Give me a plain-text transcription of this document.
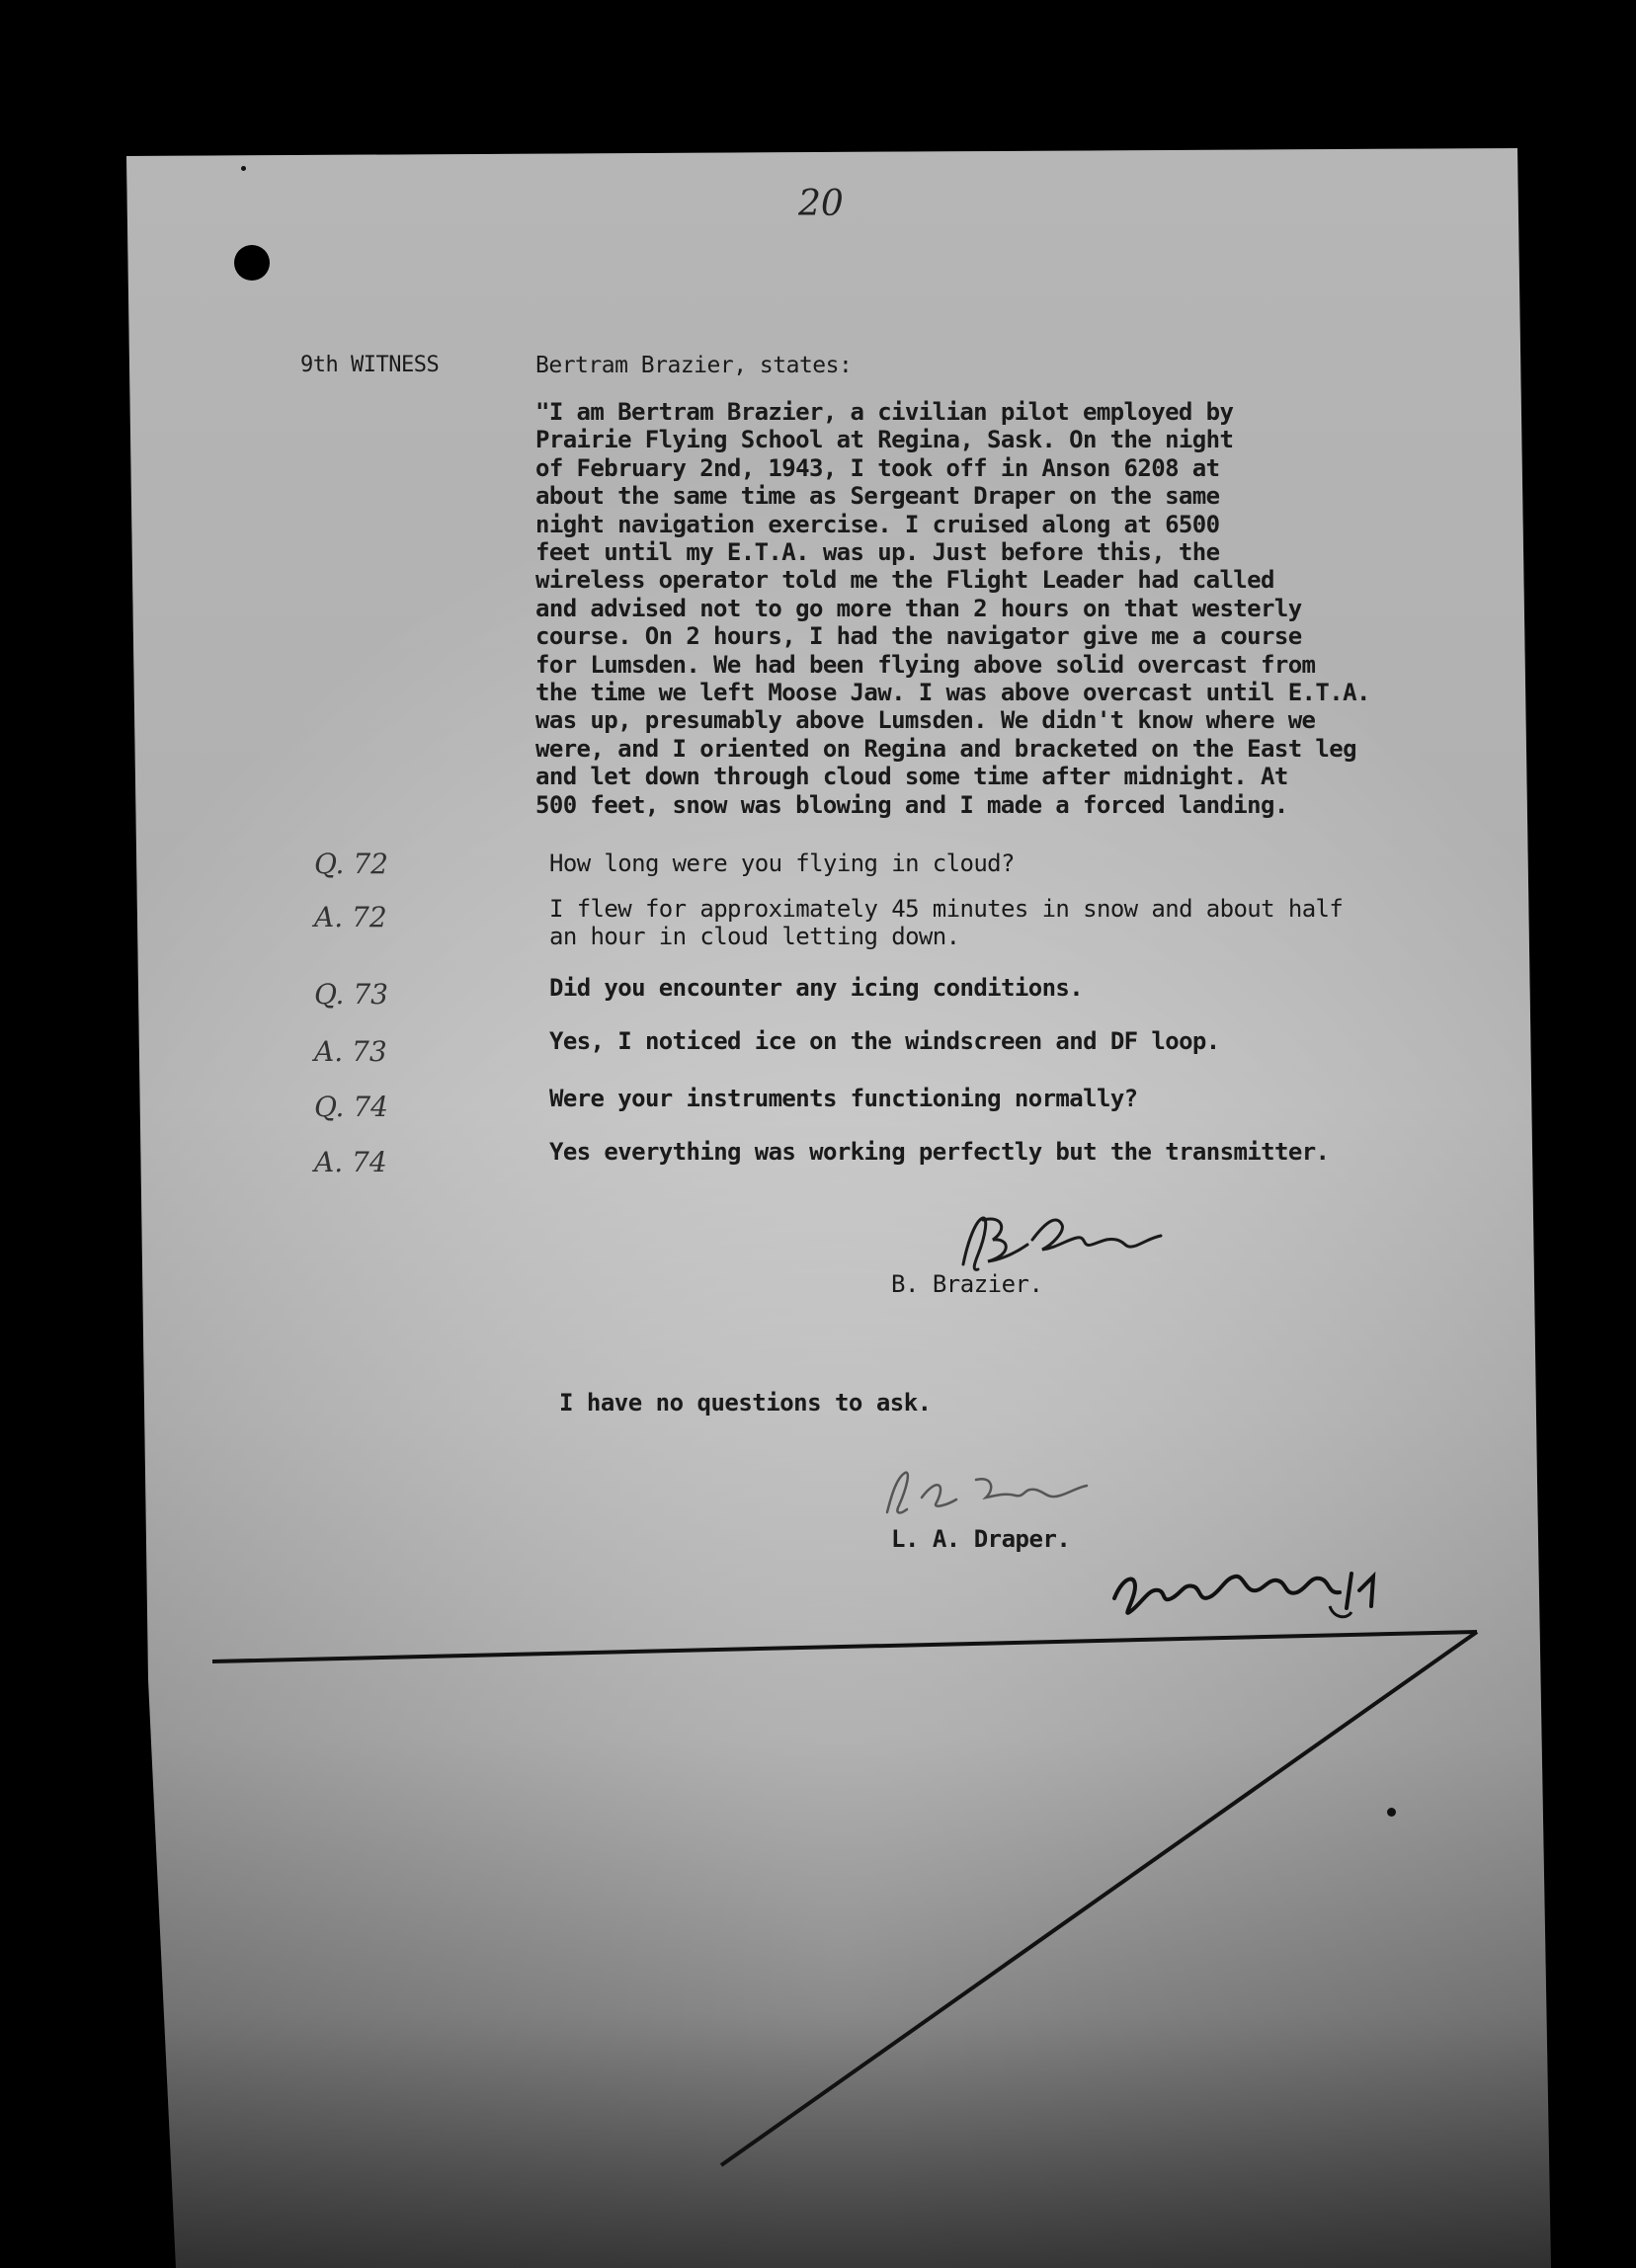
20
9th WITNESS	Bertram Brazier, states:
"I am Bertram Brazier, a civilian pilot employed by
Prairie Flying School at Regina, Sask. On the night
of February 2nd, 1943, I took off in Anson 6208 at
about the same time as Sergeant Draper on the same
night navigation exercise. I cruised along at 6500
feet until my E.T.A. was up. Just before this, the
wireless operator told me the Flight Leader had called
and advised not to go more than 2 hours on that westerly
course. On 2 hours, I had the navigator give me a course
for Lumsden. We had been flying above solid overcast from
the time we left Moose Jaw. I was above overcast until E.T.A.
was up, presumably above Lumsden. We didn't know where we
were, and I oriented on Regina and bracketed on the East leg
and let down through cloud some time after midnight. At
500 feet, snow was blowing and I made a forced landing.
Q. 72	How long were you flying in cloud?
A. 72	I flew for approximately 45 minutes in snow and about half
an hour in cloud letting down.
Q. 73	Did you encounter any icing conditions.
A. 73	Yes, I noticed ice on the windscreen and DF loop.
Q. 74	Were your instruments functioning normally?
A. 74	Yes everything was working perfectly but the transmitter.
B. Brazier.
I have no questions to ask.
L. A. Draper.
